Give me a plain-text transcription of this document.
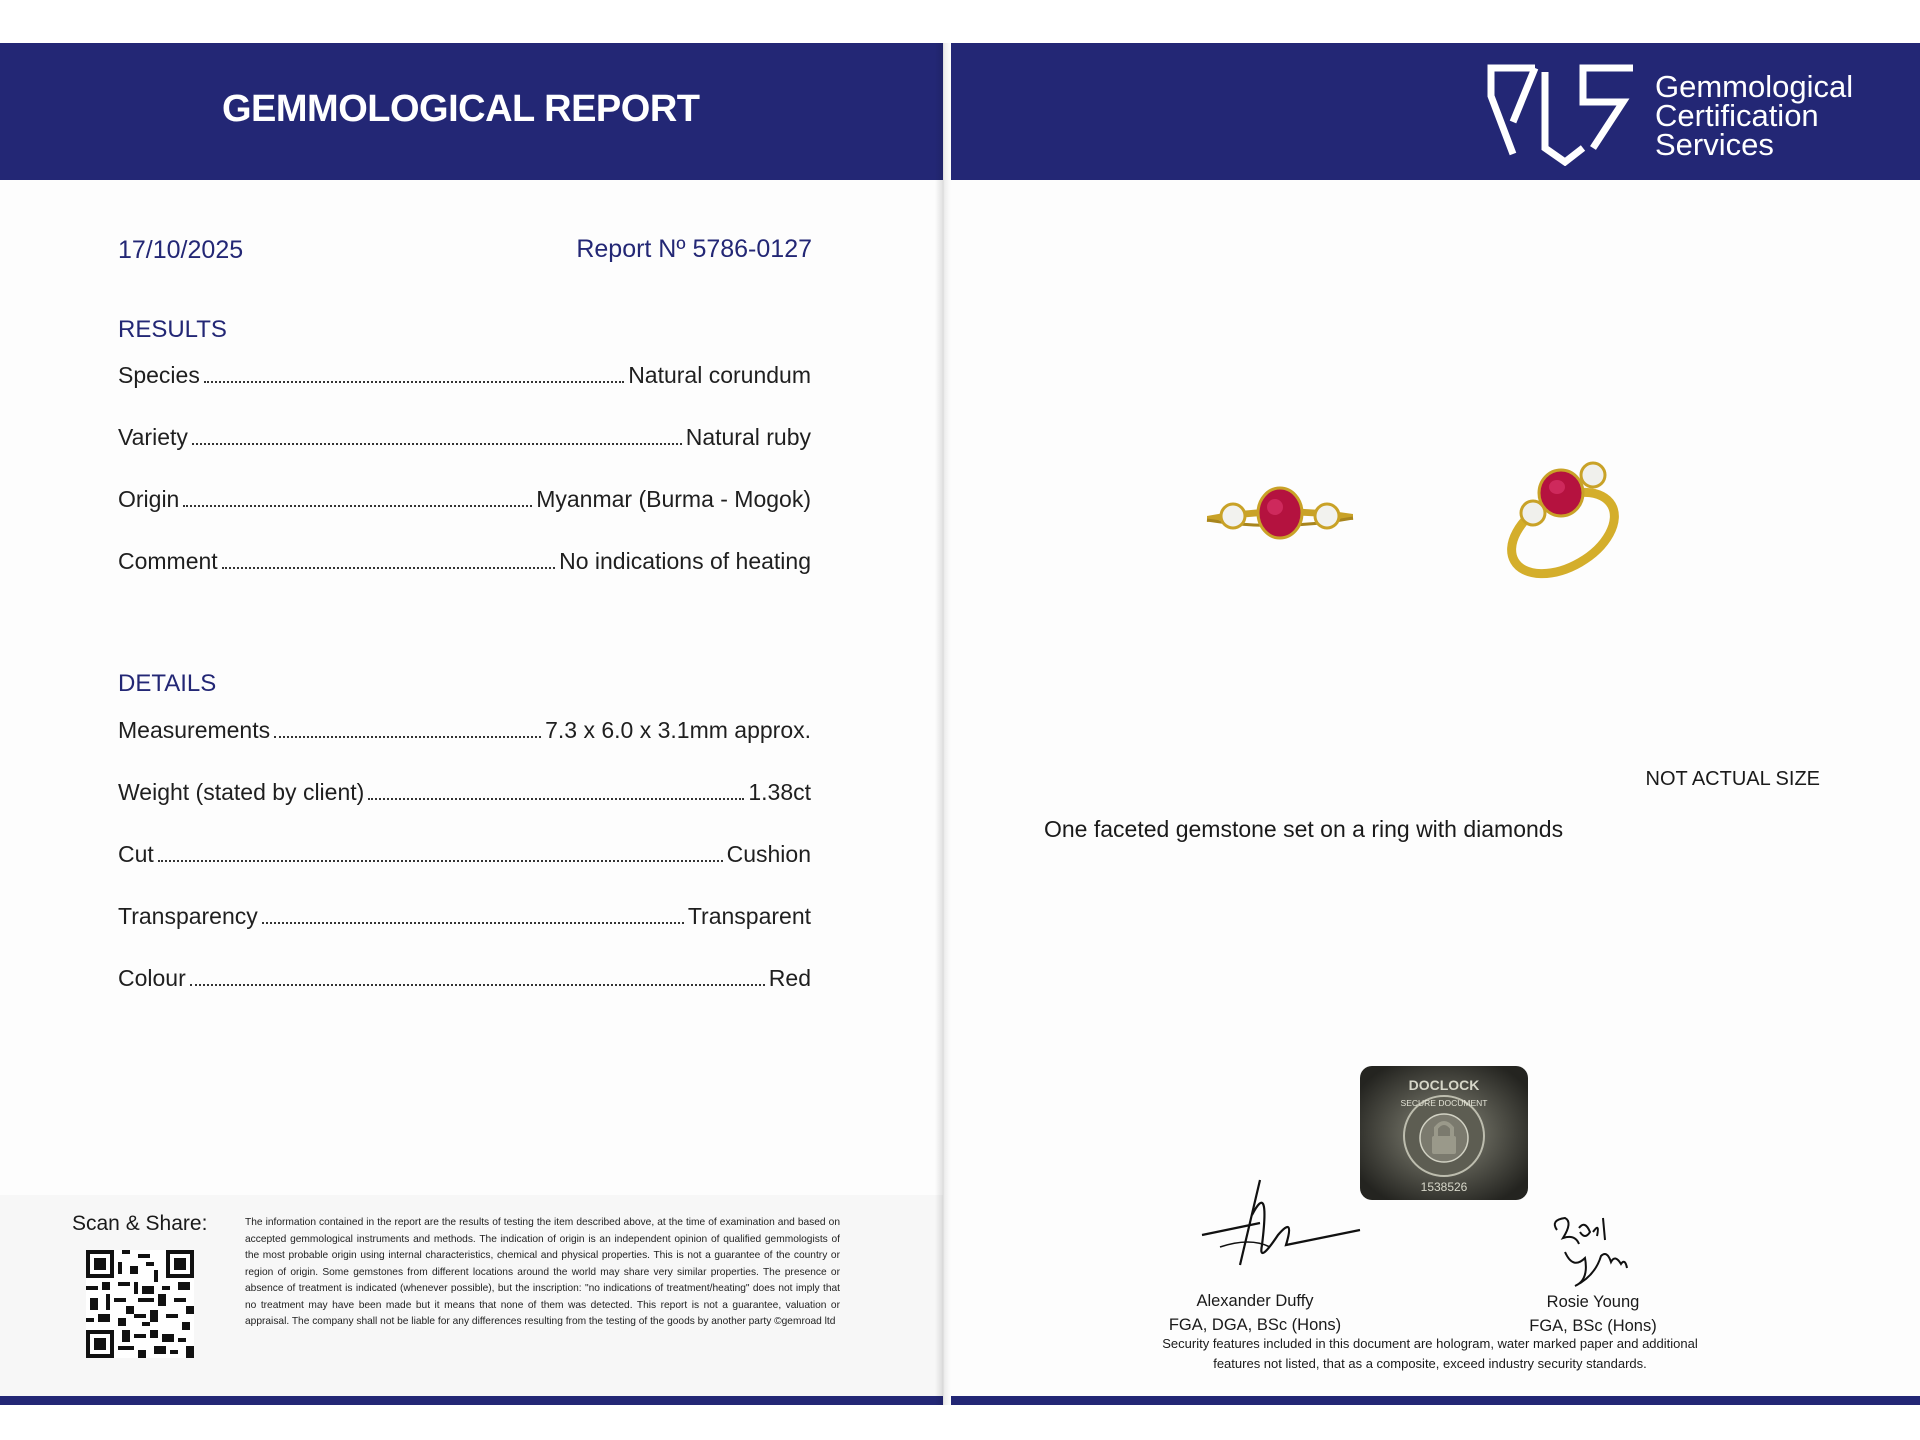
GEMMOLOGICAL REPORT
Gemmological
Certification
Services
17/10/2025	Report Nº 5786-0127
RESULTS
Species	Natural corundum
Variety	Natural ruby
Origin	Myanmar (Burma - Mogok)
Comment	No indications of heating
DETAILS
Measurements	7.3 x 6.0 x 3.1mm approx.
Weight (stated by client)	1.38ct
Cut	Cushion
Transparency	Transparent
Colour	Red
Scan & Share:	The information contained in the report are the results of testing the item described above, at the time of examination and based on accepted gemmological instruments and methods. The indication of origin is an independent opinion of qualified gemmologists of the most probable origin using internal characteristics, chemical and physical properties. This is not a guarantee of the country or region of origin. Some gemstones from different locations around the world may share very similar properties. The presence or absence of treatment is indicated (whenever possible), but the inscription: "no indications of treatment/heating" does not imply that no treatment may have been made but it means that none of them was detected. This report is not a guarantee, valuation or appraisal. The company shall not be liable for any differences resulting from the testing of the goods by another party ©gemroad ltd
NOT ACTUAL SIZE
One faceted gemstone set on a ring with diamonds
DOCLOCK
SECURE DOCUMENT
1538526
Alexander Duffy
FGA, DGA, BSc (Hons)
Rosie Young
FGA, BSc (Hons)
Security features included in this document are hologram, water marked paper and additional features not listed, that as a composite, exceed industry security standards.
